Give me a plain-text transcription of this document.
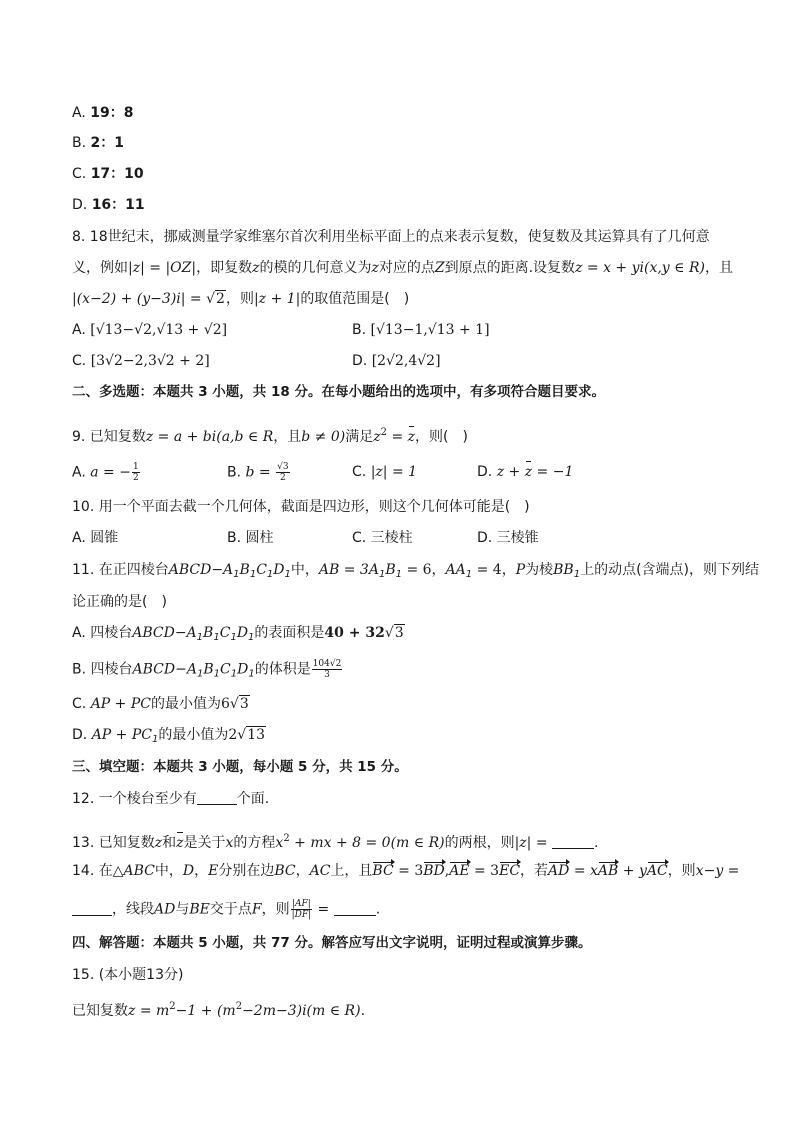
A. 19：8
B. 2：1
C. 17：10
D. 16：11
8. 18世纪末，挪威测量学家维塞尔首次利用坐标平面上的点来表示复数，使复数及其运算具有了几何意
义，例如|z| = |OZ|，即复数z的模的几何意义为z对应的点Z到原点的距离.设复数z = x + yi(x,y ∈ R)，且
|(x−2) + (y−3)i| = √2，则|z + 1|的取值范围是(　)
A. [√13−√2,√13 + √2]	B. [√13−1,√13 + 1]
C. [3√2−2,3√2 + 2]	D. [2√2,4√2]
二、多选题：本题共 3 小题，共 18 分。在每小题给出的选项中，有多项符合题目要求。
9. 已知复数z = a + bi(a,b ∈ R，且b ≠ 0)满足$z^2 = z$，则(　)
A. a = − $\frac{1}{2}$	B. $b = \frac{√3}{2}$	C. |z| = 1	D. z + z = −1
10. 用一个平面去截一个几何体，截面是四边形，则这个几何体可能是(　)
A. 圆锥	B. 圆柱	C. 三棱柱	D. 三棱锥
11. 在正四棱台$ABCD-A_1B_1C_1D_1$中，AB = $3A_1B_1 = 6$，$AA_1 = 4$，P为棱$BB_1$上的动点(含端点)，则下列结
论正确的是(　)
A. 四棱台$ABCD-A_1B_1C_1D_1$的表面积是40 + 32√3
B. 四棱台$ABCD-A_1B_1C_1D_1$的体积是 $\frac{104√2}{3}$
C. AP + PC的最小值为6√3
D. AP + $PC_1$的最小值为2√13
三、填空题：本题共 3 小题，每小题 5 分，共 15 分。
12. 一个棱台至少有	个面.
13. 已知复数z和z是关于x的方程$x^2$ + mx + 8 = 0(m ∈ R)的两根，则|z| =	.
14. 在△ABC中，D，E分别在边BC，AC上，且BC = 3BD,AE = 3EC，若AD = xAB + yAC，则x−y =
，线段AD与BE交于点F，则 $\frac{|AF|}{|DF|}$ =	.
四、解答题：本题共 5 小题，共 77 分。解答应写出文字说明，证明过程或演算步骤。
15. (本小题13分)
已知复数$z = m^2-1 + (m^2-2m-3)i(m$ ∈ R).
